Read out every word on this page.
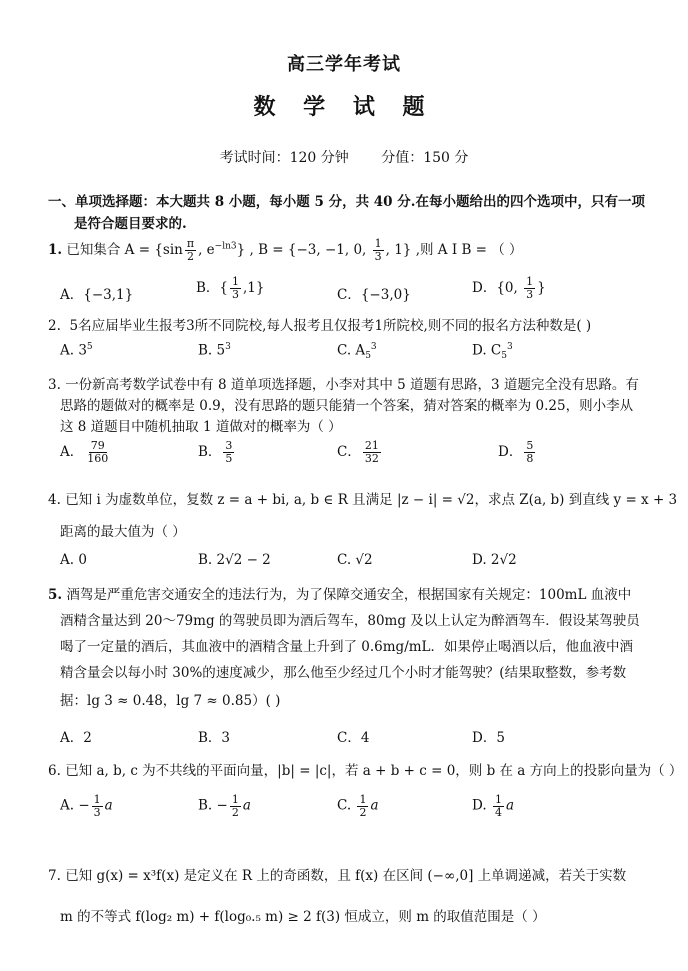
高三学年考试
数 学 试 题
考试时间：120 分钟 分值：150 分
一、单项选择题：本大题共 8 小题，每小题 5 分，共 40 分.在每小题给出的四个选项中，只有一项
是符合题目要求的.
1. 已知集合 $A = \{\sin \frac{\pi}{2}$ , $e^{-ln3}$} , B = {−3, −1, 0, $\frac{1}{3}$ , 1} ,则 A I B = （ ）
A．{−3,1}	B．{ $\frac{1}{3} ,1$}	C．{−3,0}	D．{0, $\frac{1}{3}$ }
2. 5名应届毕业生报考3所不同院校,每人报考且仅报考1所院校,则不同的报名方法种数是( )
A. $3^5$	B. $5^3$	C. $A_5^3$	D. $C_5^3$
3. 一份新高考数学试卷中有 8 道单项选择题，小李对其中 5 道题有思路，3 道题完全没有思路。有
思路的题做对的概率是 0.9，没有思路的题只能猜一个答案，猜对答案的概率为 0.25，则小李从
这 8 道题目中随机抽取 1 道做对的概率为（ ）
A． $\frac{79}{160}$	B． $\frac{3}{5}$	C． $\frac{21}{32}$	D． $\frac{5}{8}$
4. 已知 i 为虚数单位，复数 z = a + bi, a, b ∈ R 且满足 |z − i| = √2，求点 Z(a, b) 到直线 y = x + 3
距离的最大值为（ ）
A. 0	B. 2√2 − 2	C. √2	D. 2√2
5. 酒驾是严重危害交通安全的违法行为，为了保障交通安全，根据国家有关规定：100mL 血液中
酒精含量达到 20～79mg 的驾驶员即为酒后驾车，80mg 及以上认定为醉酒驾车．假设某驾驶员
喝了一定量的酒后，其血液中的酒精含量上升到了 0.6mg/mL．如果停止喝酒以后，他血液中酒
精含量会以每小时 30%的速度减少，那么他至少经过几个小时才能驾驶？(结果取整数，参考数
据：lg 3 ≈ 0.48，lg 7 ≈ 0.85）( )
A．2	B．3	C．4	D．5
6. 已知 a, b, c 为不共线的平面向量，|b| = |c|，若 a + b + c = 0，则 b 在 a 方向上的投影向量为（ ）
A. − $\frac{1}{3}$ a	B. − $\frac{1}{2}$ a	C. $\frac{1}{2}$ a	D. $\frac{1}{4}$ a
7. 已知 g(x) = x³f(x) 是定义在 R 上的奇函数，且 f(x) 在区间 (−∞,0] 上单调递减，若关于实数
m 的不等式 f(log₂ m) + f(log₀.₅ m) ≥ 2 f(3) 恒成立，则 m 的取值范围是（ ）
